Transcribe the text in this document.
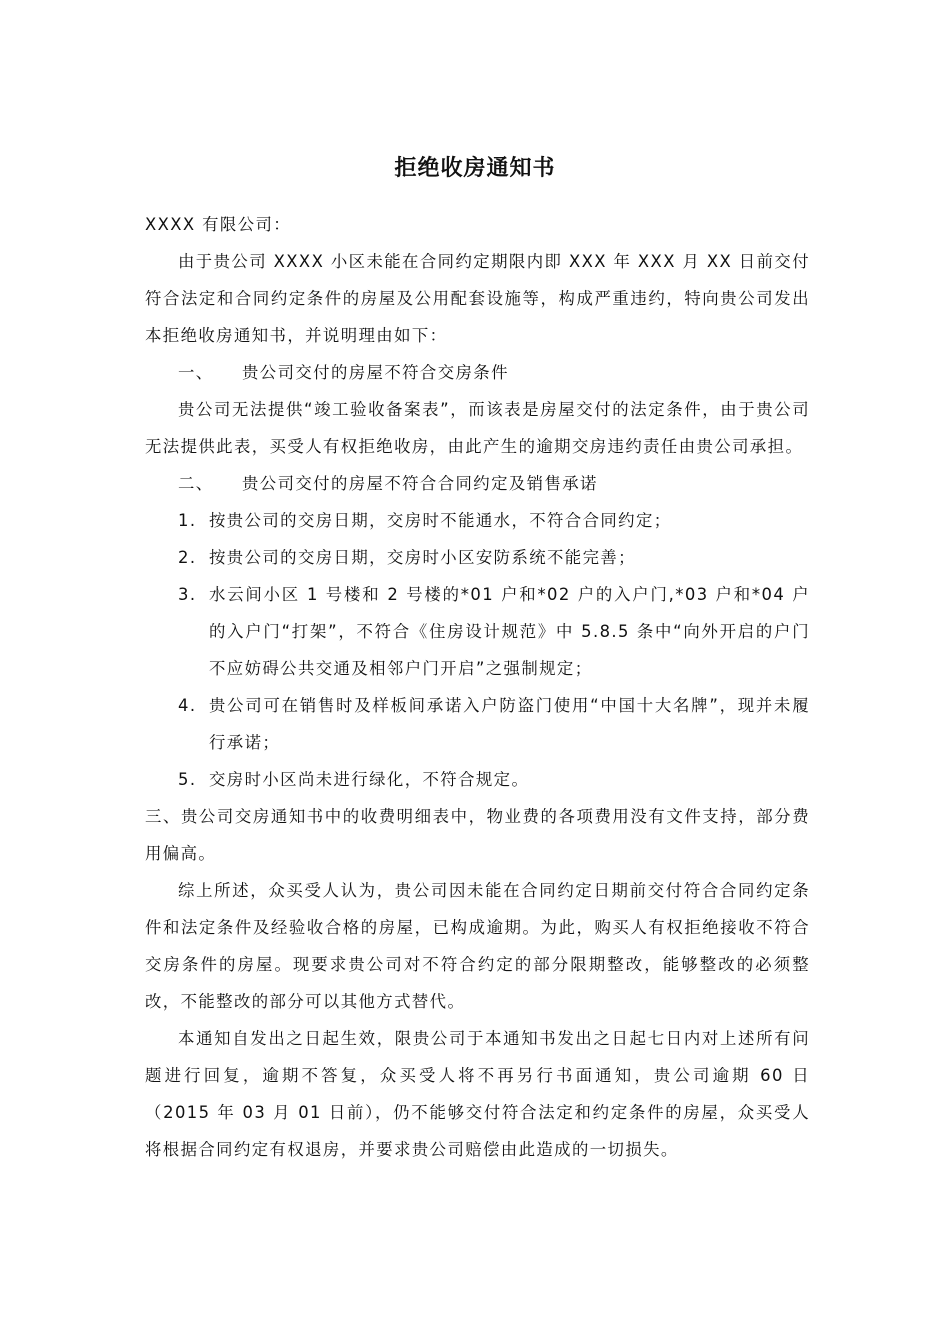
拒绝收房通知书

XXXX 有限公司：

由于贵公司 XXXX 小区未能在合同约定期限内即 XXX 年 XXX 月 XX 日前交付符合法定和合同约定条件的房屋及公用配套设施等，构成严重违约，特向贵公司发出本拒绝收房通知书，并说明理由如下：

一、	贵公司交付的房屋不符合交房条件

贵公司无法提供“竣工验收备案表”，而该表是房屋交付的法定条件，由于贵公司无法提供此表，买受人有权拒绝收房，由此产生的逾期交房违约责任由贵公司承担。

二、	贵公司交付的房屋不符合合同约定及销售承诺

1. 按贵公司的交房日期，交房时不能通水，不符合合同约定；
2. 按贵公司的交房日期，交房时小区安防系统不能完善；
3. 水云间小区 1 号楼和 2 号楼的*01 户和*02 户的入户门,*03 户和*04 户的入户门“打架”，不符合《住房设计规范》中 5.8.5 条中“向外开启的户门不应妨碍公共交通及相邻户门开启”之强制规定；
4. 贵公司可在销售时及样板间承诺入户防盗门使用“中国十大名牌”，现并未履行承诺；
5. 交房时小区尚未进行绿化，不符合规定。

三、贵公司交房通知书中的收费明细表中，物业费的各项费用没有文件支持，部分费用偏高。

综上所述，众买受人认为，贵公司因未能在合同约定日期前交付符合合同约定条件和法定条件及经验收合格的房屋，已构成逾期。为此，购买人有权拒绝接收不符合交房条件的房屋。现要求贵公司对不符合约定的部分限期整改，能够整改的必须整改，不能整改的部分可以其他方式替代。

本通知自发出之日起生效，限贵公司于本通知书发出之日起七日内对上述所有问题进行回复，逾期不答复，众买受人将不再另行书面通知，贵公司逾期 60 日（2015 年 03 月 01 日前），仍不能够交付符合法定和约定条件的房屋，众买受人将根据合同约定有权退房，并要求贵公司赔偿由此造成的一切损失。
